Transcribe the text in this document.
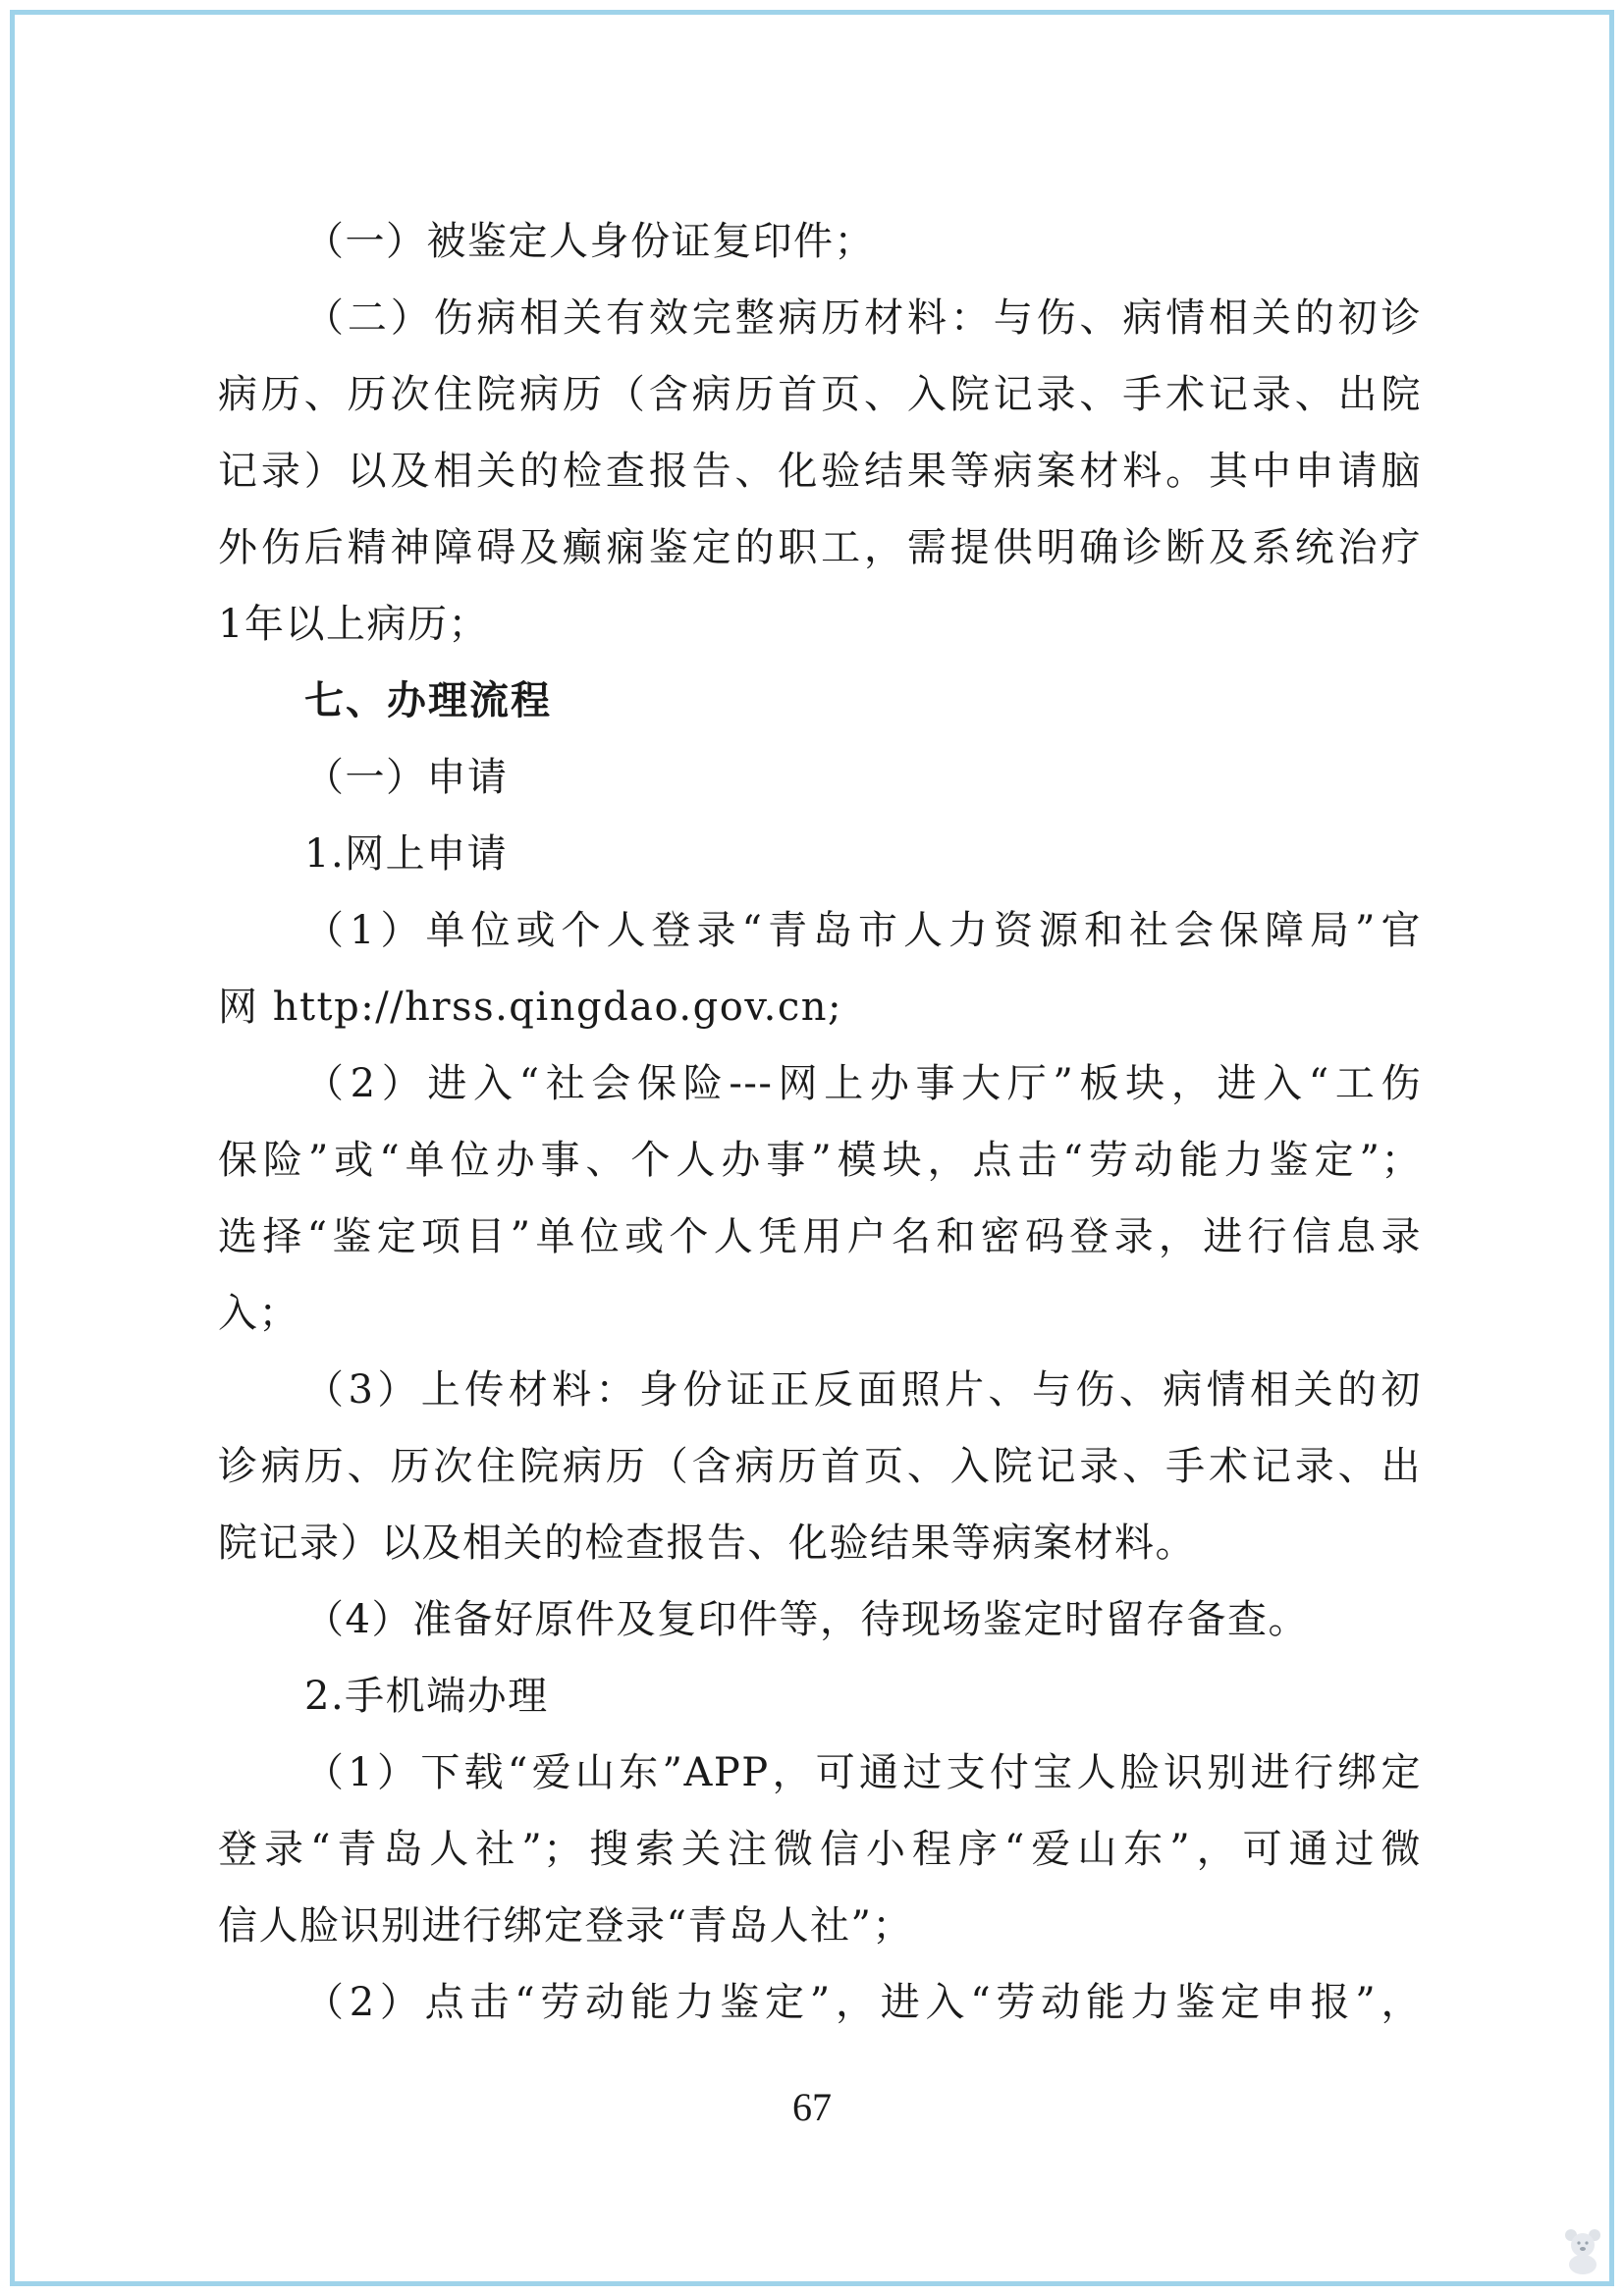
（一）被鉴定人身份证复印件；
（二）伤病相关有效完整病历材料：与伤、病情相关的初诊
病历、历次住院病历（含病历首页、入院记录、手术记录、出院
记录）以及相关的检查报告、化验结果等病案材料。其中申请脑
外伤后精神障碍及癫痫鉴定的职工，需提供明确诊断及系统治疗
1年以上病历；
七、办理流程
（一）申请
1.网上申请
（1）单位或个人登录“青岛市人力资源和社会保障局”官
网 http://hrss.qingdao.gov.cn;
（2）进入“社会保险---网上办事大厅”板块，进入“工伤
保险”或“单位办事、个人办事”模块，点击“劳动能力鉴定”；
选择“鉴定项目”单位或个人凭用户名和密码登录，进行信息录
入；
（3）上传材料：身份证正反面照片、与伤、病情相关的初
诊病历、历次住院病历（含病历首页、入院记录、手术记录、出
院记录）以及相关的检查报告、化验结果等病案材料。
（4）准备好原件及复印件等，待现场鉴定时留存备查。
2.手机端办理
（1）下载“爱山东”APP，可通过支付宝人脸识别进行绑定
登录“青岛人社”；搜索关注微信小程序“爱山东”，可通过微
信人脸识别进行绑定登录“青岛人社”；
（2）点击“劳动能力鉴定”，进入“劳动能力鉴定申报”，
67
